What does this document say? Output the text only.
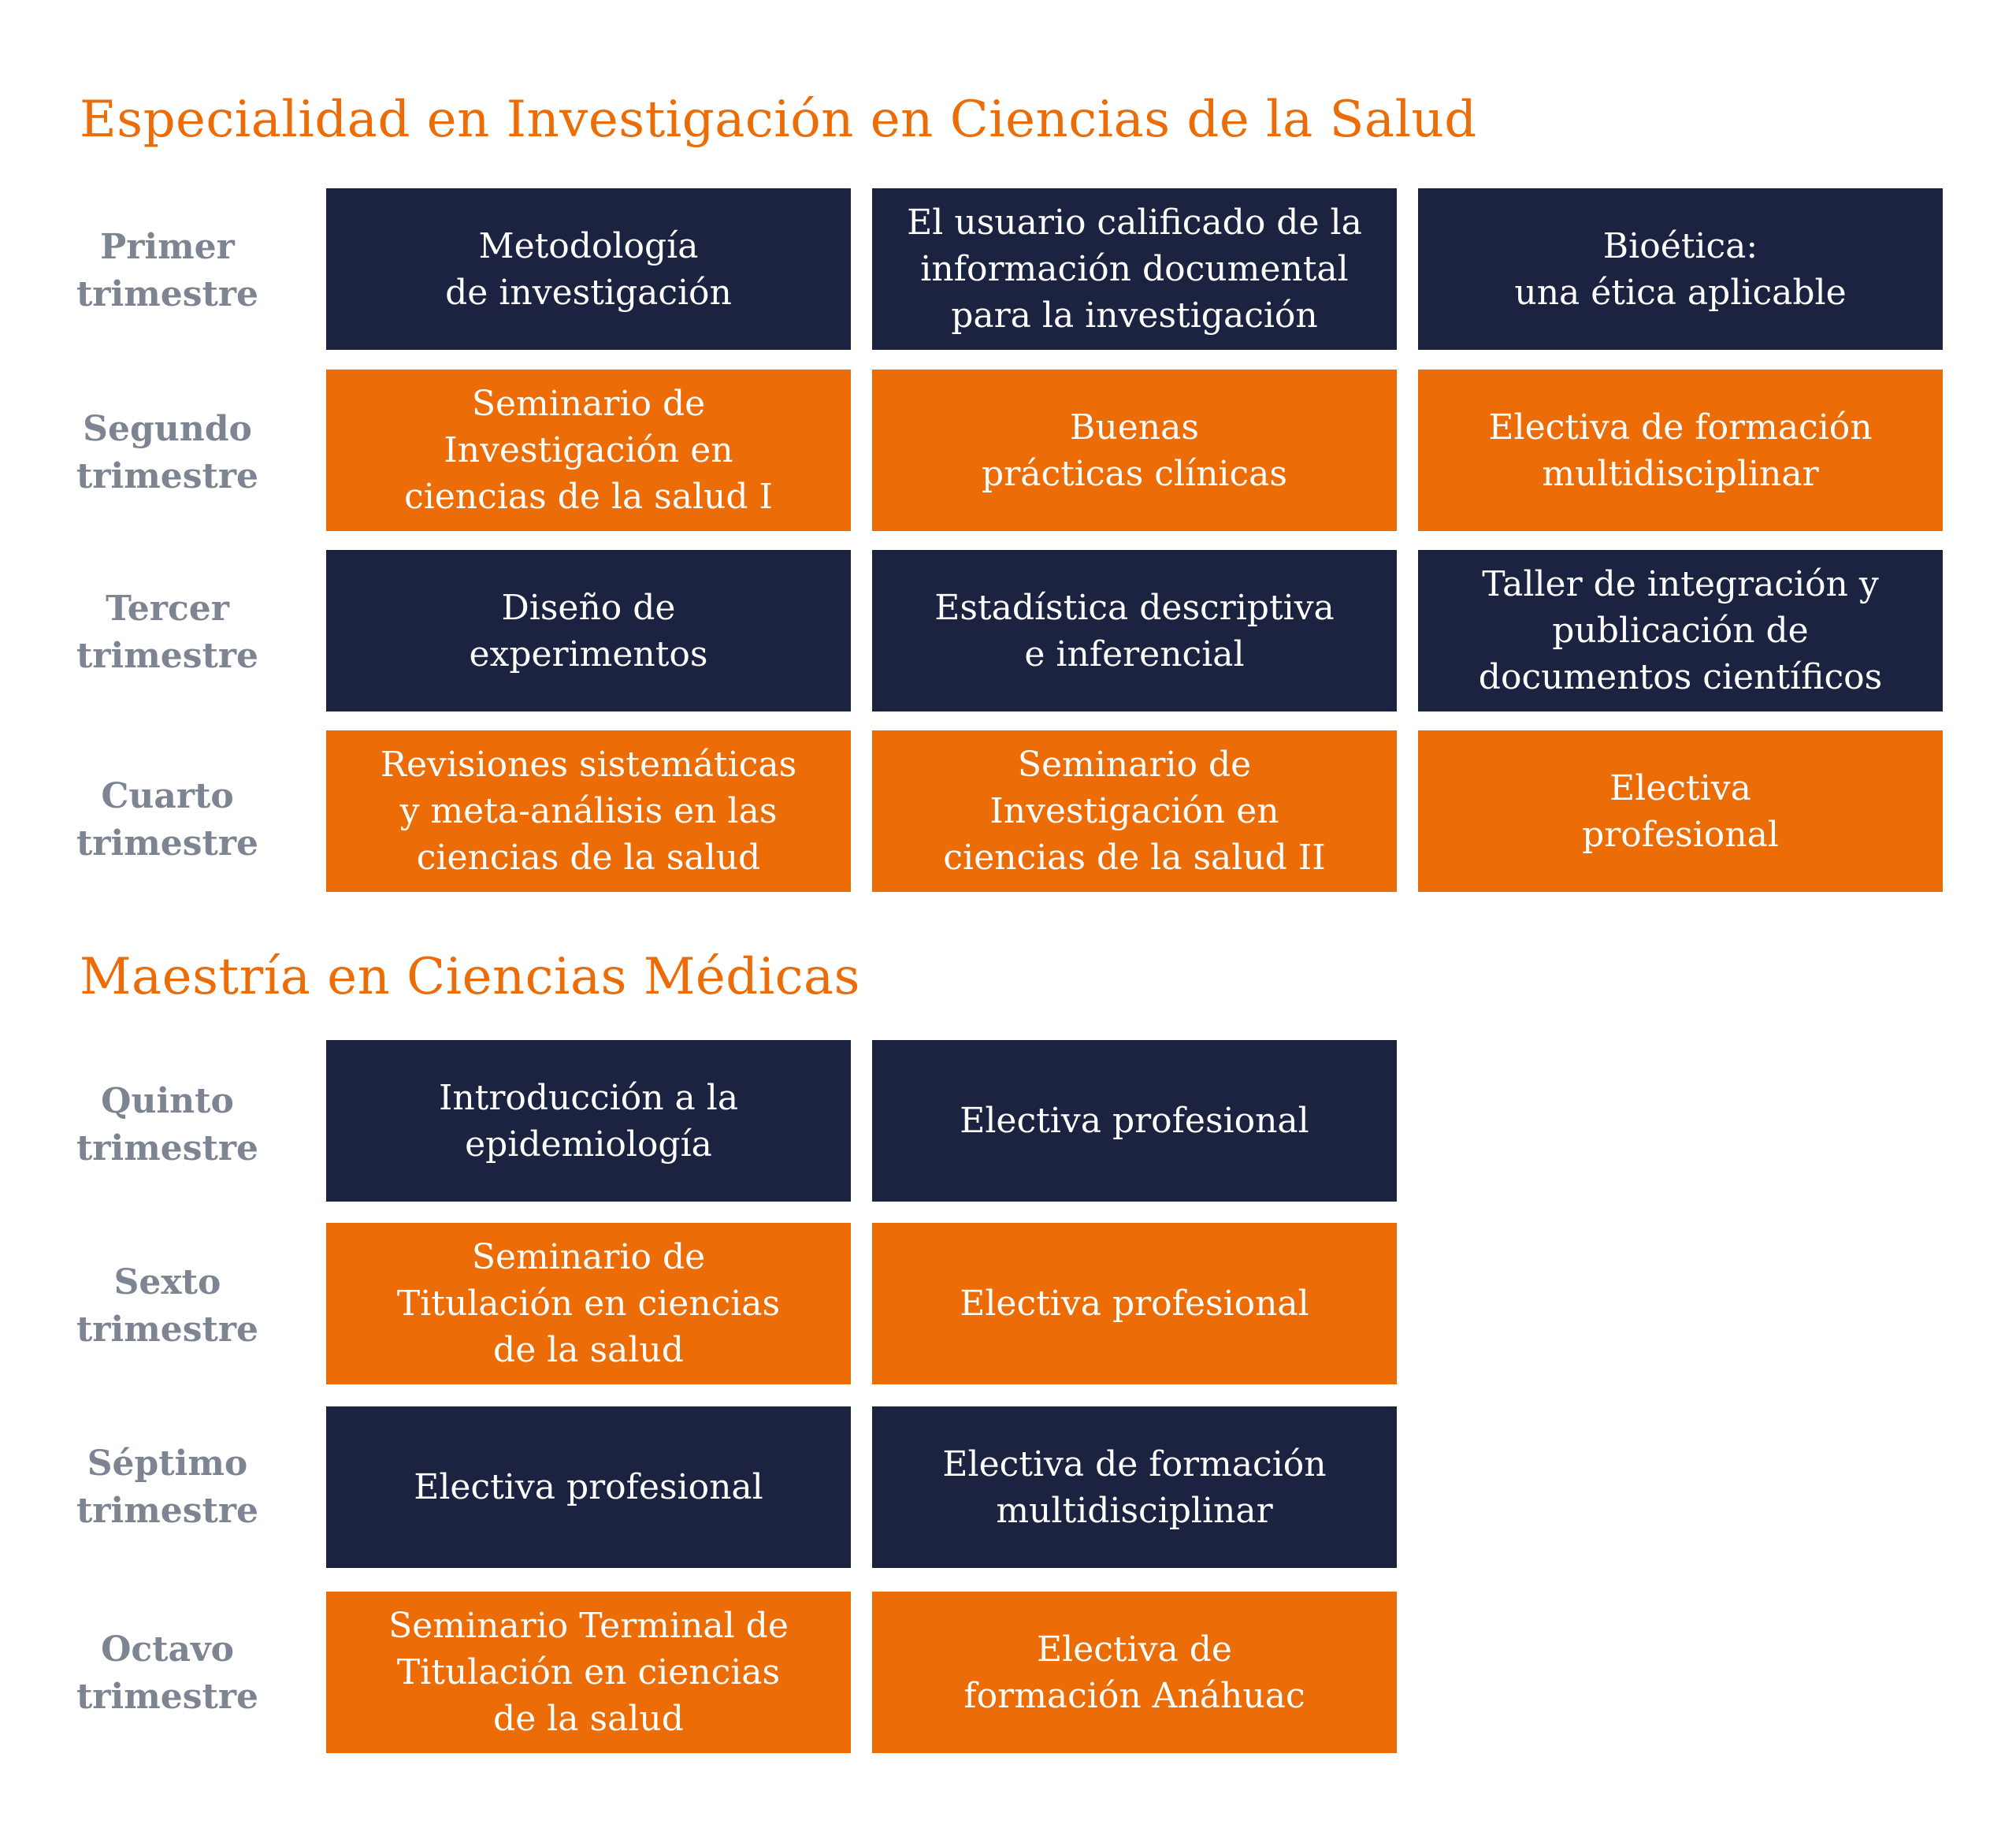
Especialidad en Investigación en Ciencias de la Salud
Primer
trimestre
Metodología
de investigación
El usuario calificado de la
información documental
para la investigación
Bioética:
una ética aplicable
Segundo
trimestre
Seminario de
Investigación en
ciencias de la salud I
Buenas
prácticas clínicas
Electiva de formación
multidisciplinar
Tercer
trimestre
Diseño de
experimentos
Estadística descriptiva
e inferencial
Taller de integración y
publicación de
documentos científicos
Cuarto
trimestre
Revisiones sistemáticas
y meta-análisis en las
ciencias de la salud
Seminario de
Investigación en
ciencias de la salud II
Electiva
profesional
Maestría en Ciencias Médicas
Quinto
trimestre
Introducción a la
epidemiología
Electiva profesional
Sexto
trimestre
Seminario de
Titulación en ciencias
de la salud
Electiva profesional
Séptimo
trimestre
Electiva profesional
Electiva de formación
multidisciplinar
Octavo
trimestre
Seminario Terminal de
Titulación en ciencias
de la salud
Electiva de
formación Anáhuac
